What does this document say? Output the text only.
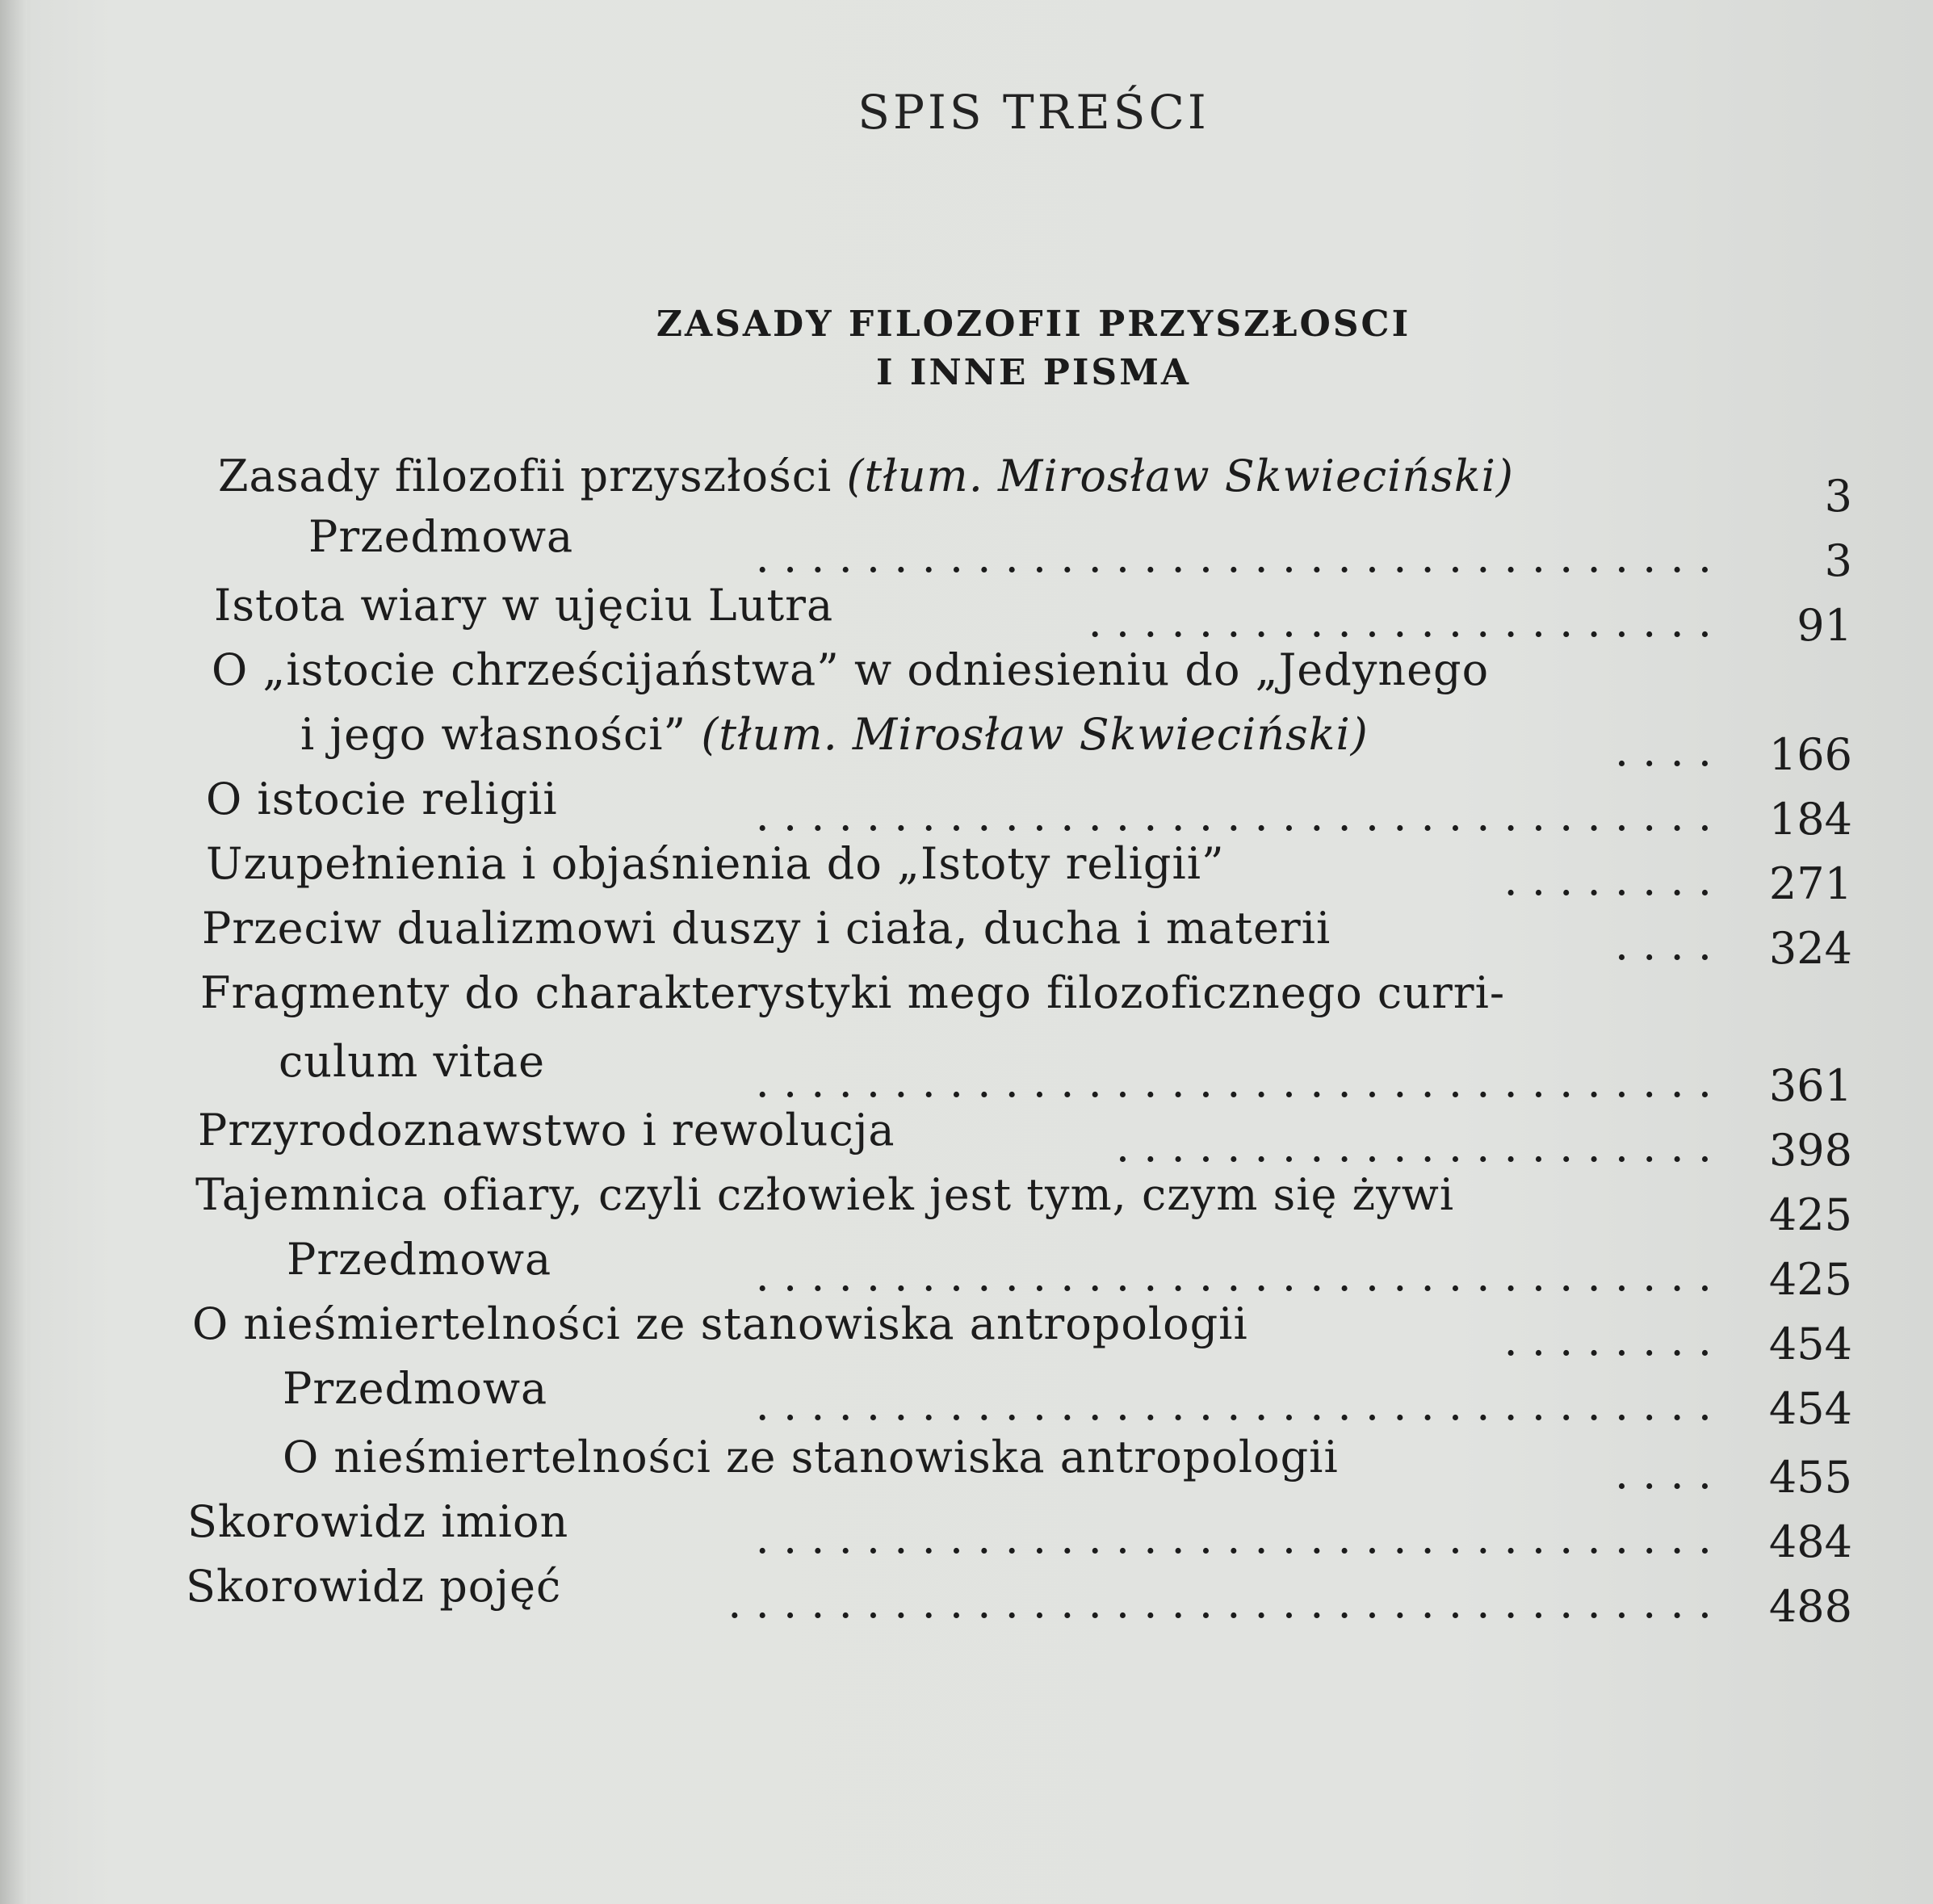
SPIS TREŚCI
ZASADY FILOZOFII PRZYSZŁOSCI
I INNE PISMA
Zasady filozofii przyszłości (tłum. Mirosław Skwieciński)	3
Przedmowa	. . . . . . . . . . . . . . . . . . . . . . . . . . . . . . . . . . .	3
Istota wiary w ujęciu Lutra	. . . . . . . . . . . . . . . . . . . . . . .	91
O „istocie chrześcijaństwa” w odniesieniu do „Jedynego
i jego własności” (tłum. Mirosław Skwieciński)	. . . .	166
O istocie religii	. . . . . . . . . . . . . . . . . . . . . . . . . . . . . . . . . . .	184
Uzupełnienia i objaśnienia do „Istoty religii”	. . . . . . . .	271
Przeciw dualizmowi duszy i ciała, ducha i materii	. . . .	324
Fragmenty do charakterystyki mego filozoficznego curri-
culum vitae	. . . . . . . . . . . . . . . . . . . . . . . . . . . . . . . . . . .	361
Przyrodoznawstwo i rewolucja	. . . . . . . . . . . . . . . . . . . . . .	398
Tajemnica ofiary, czyli człowiek jest tym, czym się żywi	425
Przedmowa	. . . . . . . . . . . . . . . . . . . . . . . . . . . . . . . . . . .	425
O nieśmiertelności ze stanowiska antropologii	. . . . . . . .	454
Przedmowa	. . . . . . . . . . . . . . . . . . . . . . . . . . . . . . . . . . .	454
O nieśmiertelności ze stanowiska antropologii	. . . .	455
Skorowidz imion	. . . . . . . . . . . . . . . . . . . . . . . . . . . . . . . . . . .	484
Skorowidz pojęć	. . . . . . . . . . . . . . . . . . . . . . . . . . . . . . . . . . . .	488
